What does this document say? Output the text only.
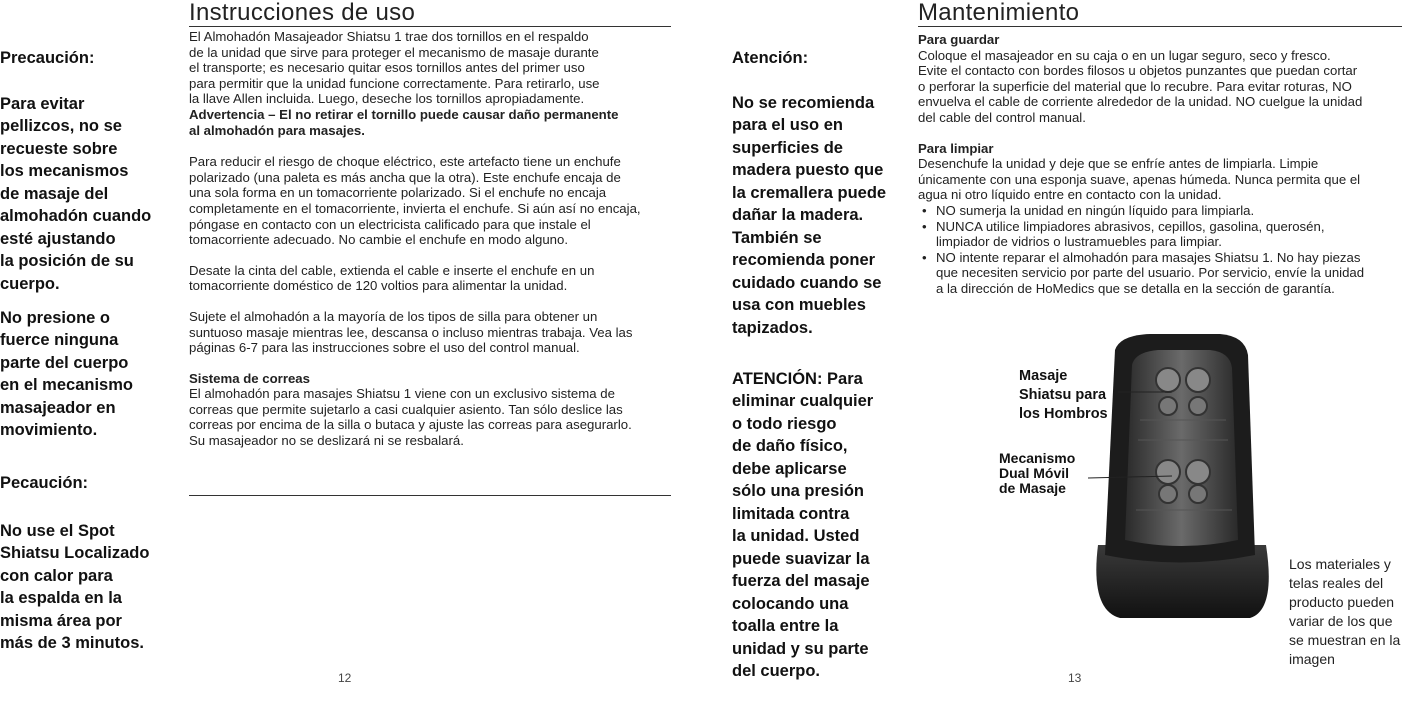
Precaución:

Para evitar
pellizcos, no se
recueste sobre
los mecanismos
de masaje del
almohadón cuando
esté ajustando
la posición de su
cuerpo.

No presione o
fuerce ninguna
parte del cuerpo
en el mecanismo
masajeador en
movimiento.

Pecaución:

No use el Spot
Shiatsu Localizado
con calor para
la espalda en la
misma área por
más de 3 minutos.

Instrucciones de uso
El Almohadón Masajeador Shiatsu 1 trae dos tornillos en el respaldo
de la unidad que sirve para proteger el mecanismo de masaje durante
el transporte; es necesario quitar esos tornillos antes del primer uso
para permitir que la unidad funcione correctamente. Para retirarlo, use
la llave Allen incluida. Luego, deseche los tornillos apropiadamente.
Advertencia – El no retirar el tornillo puede causar daño permanente
al almohadón para masajes.
Para reducir el riesgo de choque eléctrico, este artefacto tiene un enchufe
polarizado (una paleta es más ancha que la otra). Este enchufe encaja de
una sola forma en un tomacorriente polarizado. Si el enchufe no encaja
completamente en el tomacorriente, invierta el enchufe. Si aún así no encaja,
póngase en contacto con un electricista calificado para que instale el
tomacorriente adecuado. No cambie el enchufe en modo alguno.
Desate la cinta del cable, extienda el cable e inserte el enchufe en un
tomacorriente doméstico de 120 voltios para alimentar la unidad.
Sujete el almohadón a la mayoría de los tipos de silla para obtener un
suntuoso masaje mientras lee, descansa o incluso mientras trabaja. Vea las
páginas 6-7 para las instrucciones sobre el uso del control manual.
Sistema de correas
El almohadón para masajes Shiatsu 1 viene con un exclusivo sistema de
correas que permite sujetarlo a casi cualquier asiento. Tan sólo deslice las
correas por encima de la silla o butaca y ajuste las correas para asegurarlo.
Su masajeador no se deslizará ni se resbalará.
12

Atención:

No se recomienda
para el uso en
superficies de
madera puesto que
la cremallera puede
dañar la madera.
También se
recomienda poner
cuidado cuando se
usa con muebles
tapizados.

ATENCIÓN: Para
eliminar cualquier
o todo riesgo
de daño físico,
debe aplicarse
sólo una presión
limitada contra
la unidad. Usted
puede suavizar la
fuerza del masaje
colocando una
toalla entre la
unidad y su parte
del cuerpo.

Mantenimiento
Para guardar
Coloque el masajeador en su caja o en un lugar seguro, seco y fresco.
Evite el contacto con bordes filosos u objetos punzantes que puedan cortar
o perforar la superficie del material que lo recubre. Para evitar roturas, NO
envuelva el cable de corriente alrededor de la unidad. NO cuelgue la unidad
del cable del control manual.
Para limpiar
Desenchufe la unidad y deje que se enfríe antes de limpiarla. Limpie
únicamente con una esponja suave, apenas húmeda. Nunca permita que el
agua ni otro líquido entre en contacto con la unidad.
• NO sumerja la unidad en ningún líquido para limpiarla.
• NUNCA utilice limpiadores abrasivos, cepillos, gasolina, querosén,
limpiador de vidrios o lustramuebles para limpiar.
• NO intente reparar el almohadón para masajes Shiatsu 1. No hay piezas
que necesiten servicio por parte del usuario. Por servicio, envíe la unidad
a la dirección de HoMedics que se detalla en la sección de garantía.
Masaje
Shiatsu para
los Hombros
Mecanismo
Dual Móvil
de Masaje
Los materiales y
telas reales del
producto pueden
variar de los que
se muestran en la
imagen
13
